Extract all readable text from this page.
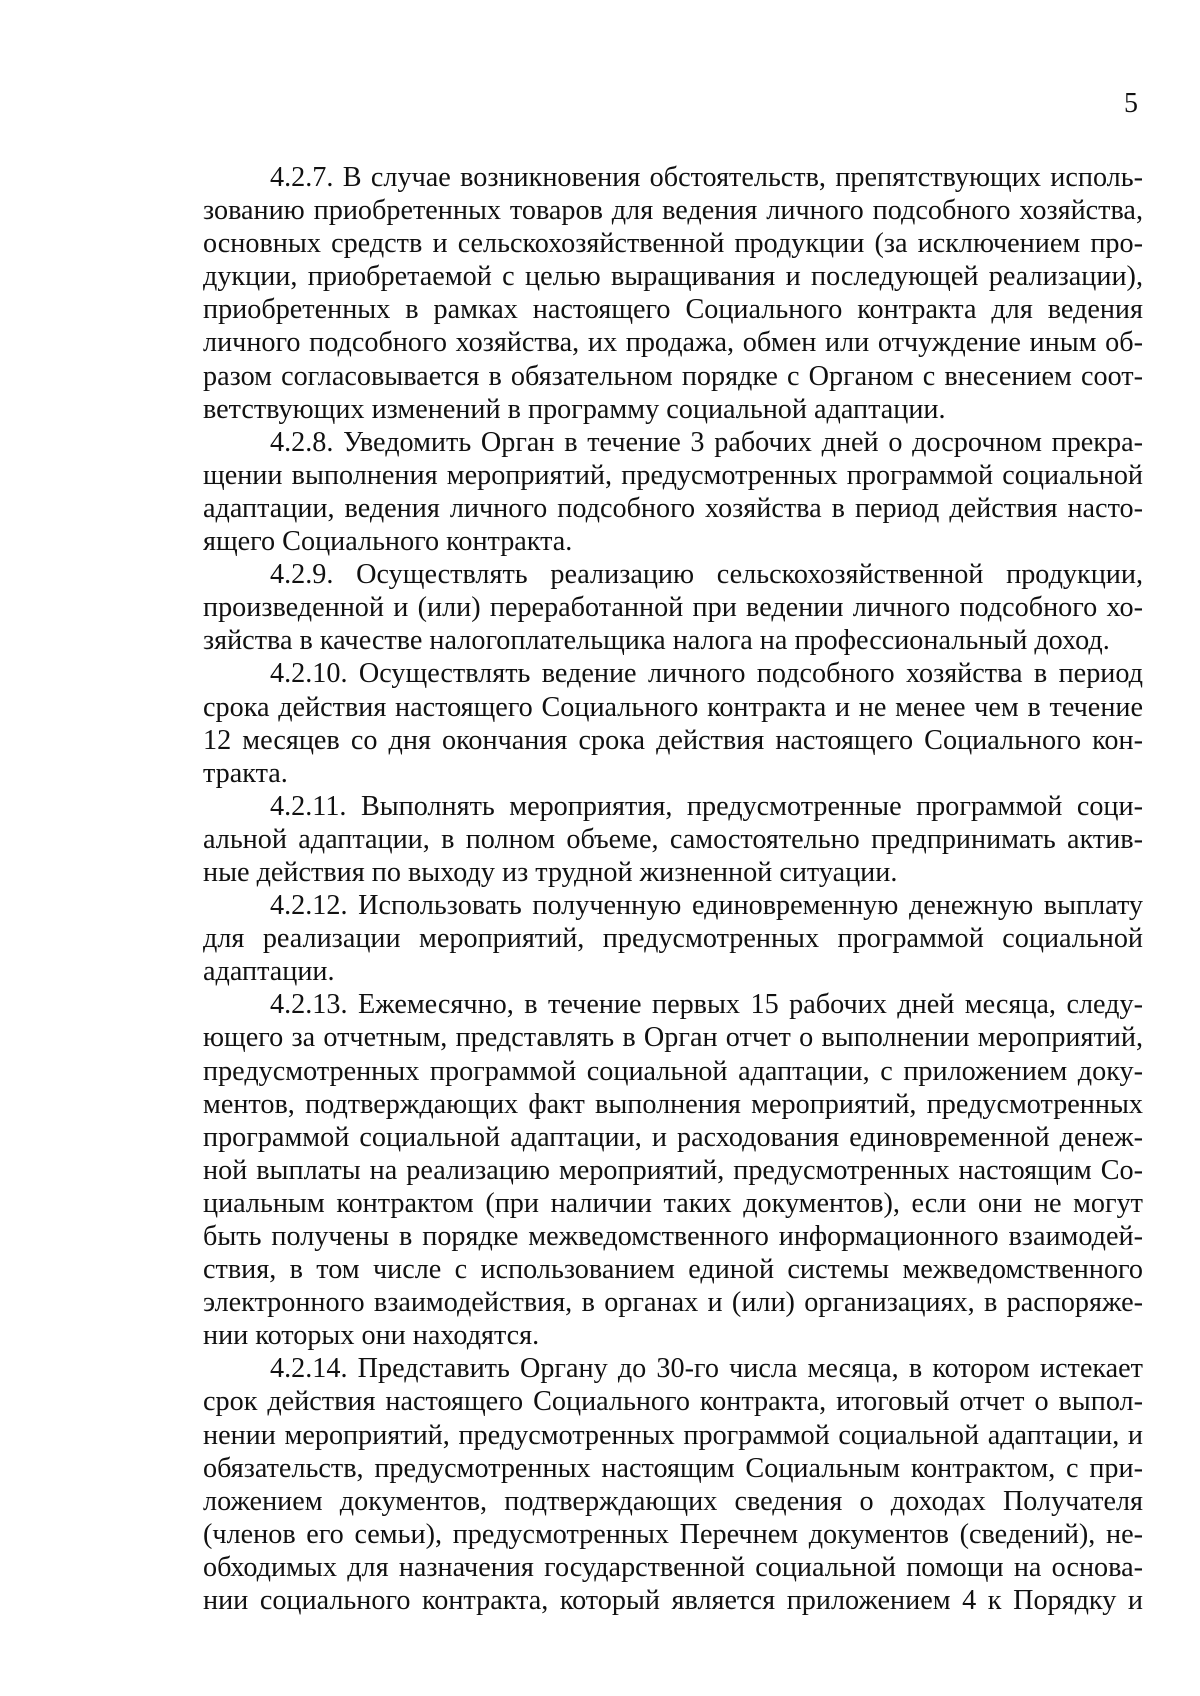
5
4.2.7. В случае возникновения обстоятельств, препятствующих исполь-
зованию приобретенных товаров для ведения личного подсобного хозяйства,
основных средств и сельскохозяйственной продукции (за исключением про-
дукции, приобретаемой с целью выращивания и последующей реализации),
приобретенных в рамках настоящего Социального контракта для ведения
личного подсобного хозяйства, их продажа, обмен или отчуждение иным об-
разом согласовывается в обязательном порядке с Органом с внесением соот-
ветствующих изменений в программу социальной адаптации.
4.2.8. Уведомить Орган в течение 3 рабочих дней о досрочном прекра-
щении выполнения мероприятий, предусмотренных программой социальной
адаптации, ведения личного подсобного хозяйства в период действия насто-
ящего Социального контракта.
4.2.9. Осуществлять реализацию сельскохозяйственной продукции,
произведенной и (или) переработанной при ведении личного подсобного хо-
зяйства в качестве налогоплательщика налога на профессиональный доход.
4.2.10. Осуществлять ведение личного подсобного хозяйства в период
срока действия настоящего Социального контракта и не менее чем в течение
12 месяцев со дня окончания срока действия настоящего Социального кон-
тракта.
4.2.11. Выполнять мероприятия, предусмотренные программой соци-
альной адаптации, в полном объеме, самостоятельно предпринимать актив-
ные действия по выходу из трудной жизненной ситуации.
4.2.12. Использовать полученную единовременную денежную выплату
для реализации мероприятий, предусмотренных программой социальной
адаптации.
4.2.13. Ежемесячно, в течение первых 15 рабочих дней месяца, следу-
ющего за отчетным, представлять в Орган отчет о выполнении мероприятий,
предусмотренных программой социальной адаптации, с приложением доку-
ментов, подтверждающих факт выполнения мероприятий, предусмотренных
программой социальной адаптации, и расходования единовременной денеж-
ной выплаты на реализацию мероприятий, предусмотренных настоящим Со-
циальным контрактом (при наличии таких документов), если они не могут
быть получены в порядке межведомственного информационного взаимодей-
ствия, в том числе с использованием единой системы межведомственного
электронного взаимодействия, в органах и (или) организациях, в распоряже-
нии которых они находятся.
4.2.14. Представить Органу до 30-го числа месяца, в котором истекает
срок действия настоящего Социального контракта, итоговый отчет о выпол-
нении мероприятий, предусмотренных программой социальной адаптации, и
обязательств, предусмотренных настоящим Социальным контрактом, с при-
ложением документов, подтверждающих сведения о доходах Получателя
(членов его семьи), предусмотренных Перечнем документов (сведений), не-
обходимых для назначения государственной социальной помощи на основа-
нии социального контракта, который является приложением 4 к Порядку и
